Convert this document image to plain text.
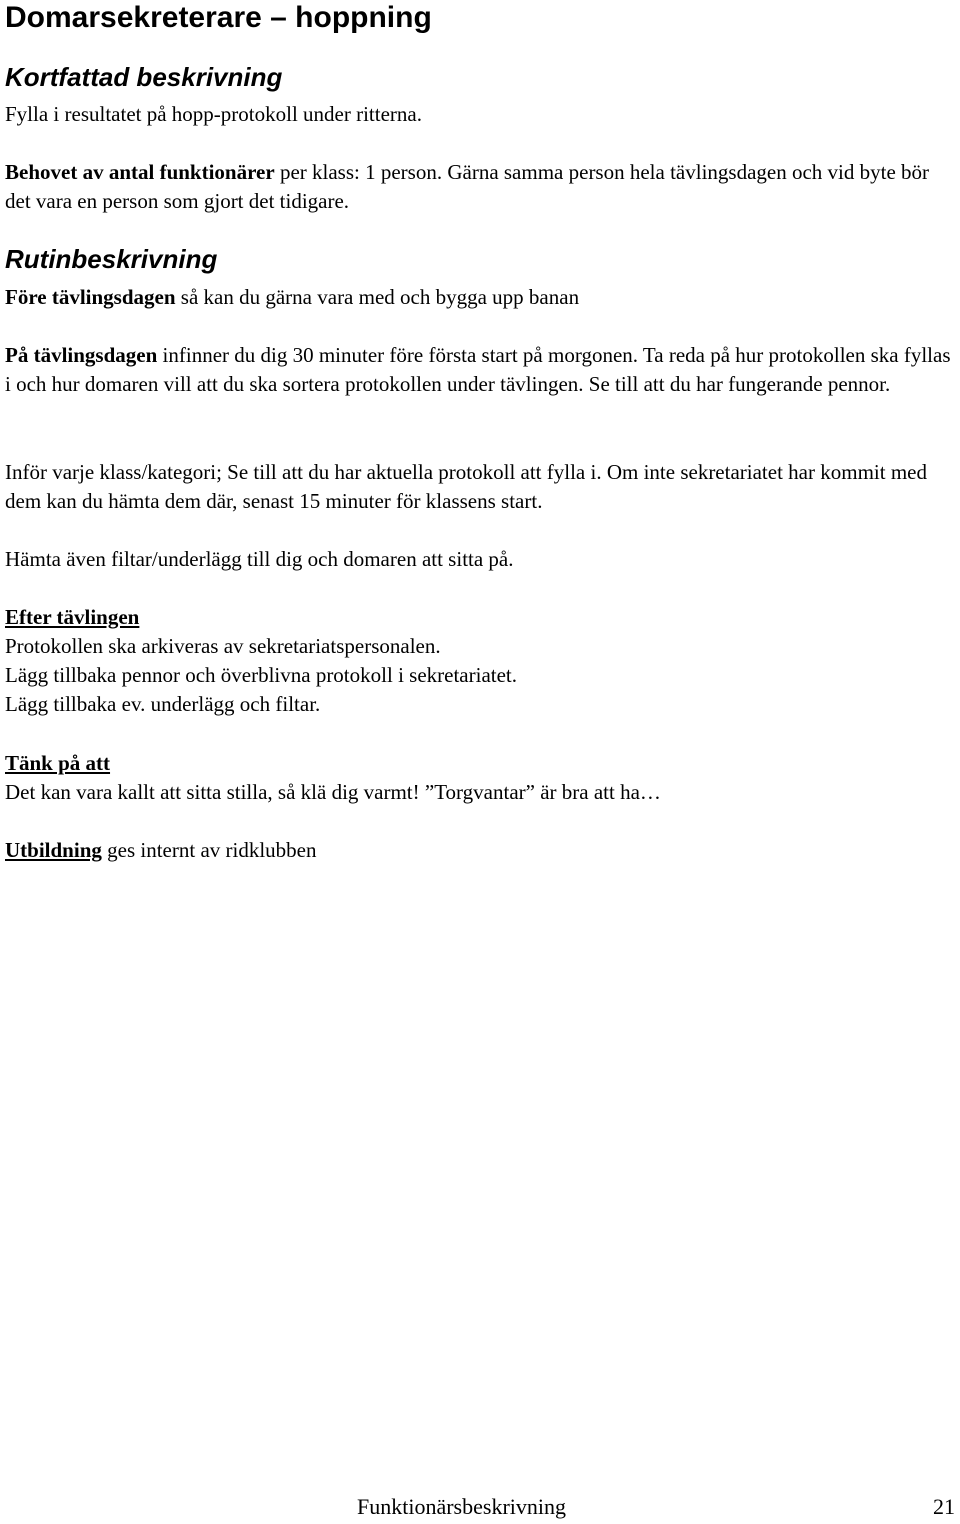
Domarsekreterare – hoppning
Kortfattad beskrivning

Fylla i resultatet på hopp-protokoll under ritterna.

Behovet av antal funktionärer per klass: 1 person. Gärna samma person hela tävlingsdagen och vid byte bör det vara en person som gjort det tidigare.

Rutinbeskrivning

Före tävlingsdagen så kan du gärna vara med och bygga upp banan

På tävlingsdagen infinner du dig 30 minuter före första start på morgonen. Ta reda på hur protokollen ska fyllas i och hur domaren vill att du ska sortera protokollen under tävlingen. Se till att du har fungerande pennor.

Inför varje klass/kategori; Se till att du har aktuella protokoll att fylla i. Om inte sekretariatet har kommit med dem kan du hämta dem där, senast 15 minuter för klassens start.

Hämta även filtar/underlägg till dig och domaren att sitta på.

Efter tävlingen

Protokollen ska arkiveras av sekretariatspersonalen.

Lägg tillbaka pennor och överblivna protokoll i sekretariatet.

Lägg tillbaka ev. underlägg och filtar.

Tänk på att

Det kan vara kallt att sitta stilla, så klä dig varmt! ”Torgvantar” är bra att ha…

Utbildning ges internt av ridklubben

Funktionärsbeskrivning	21
